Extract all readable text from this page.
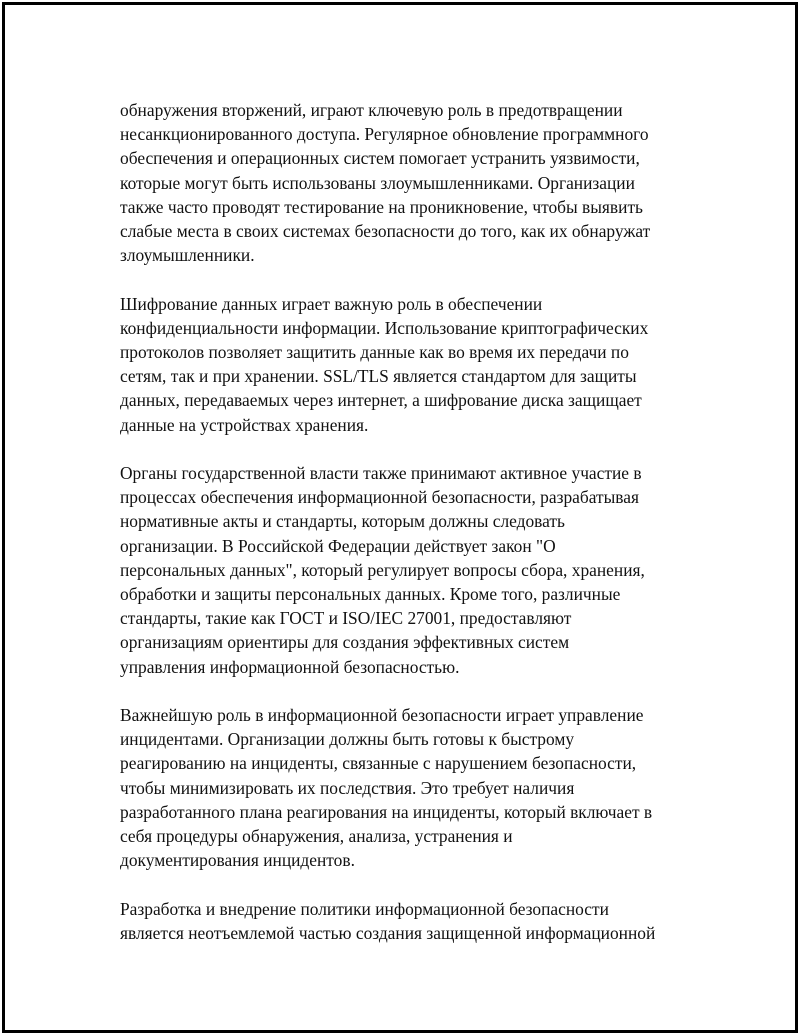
обнаружения вторжений, играют ключевую роль в предотвращении
несанкционированного доступа. Регулярное обновление программного
обеспечения и операционных систем помогает устранить уязвимости,
которые могут быть использованы злоумышленниками. Организации
также часто проводят тестирование на проникновение, чтобы выявить
слабые места в своих системах безопасности до того, как их обнаружат
злоумышленники.

Шифрование данных играет важную роль в обеспечении
конфиденциальности информации. Использование криптографических
протоколов позволяет защитить данные как во время их передачи по
сетям, так и при хранении. SSL/TLS является стандартом для защиты
данных, передаваемых через интернет, а шифрование диска защищает
данные на устройствах хранения.

Органы государственной власти также принимают активное участие в
процессах обеспечения информационной безопасности, разрабатывая
нормативные акты и стандарты, которым должны следовать
организации. В Российской Федерации действует закон "О
персональных данных", который регулирует вопросы сбора, хранения,
обработки и защиты персональных данных. Кроме того, различные
стандарты, такие как ГОСТ и ISO/IEC 27001, предоставляют
организациям ориентиры для создания эффективных систем
управления информационной безопасностью.

Важнейшую роль в информационной безопасности играет управление
инцидентами. Организации должны быть готовы к быстрому
реагированию на инциденты, связанные с нарушением безопасности,
чтобы минимизировать их последствия. Это требует наличия
разработанного плана реагирования на инциденты, который включает в
себя процедуры обнаружения, анализа, устранения и
документирования инцидентов.

Разработка и внедрение политики информационной безопасности
является неотъемлемой частью создания защищенной информационной
